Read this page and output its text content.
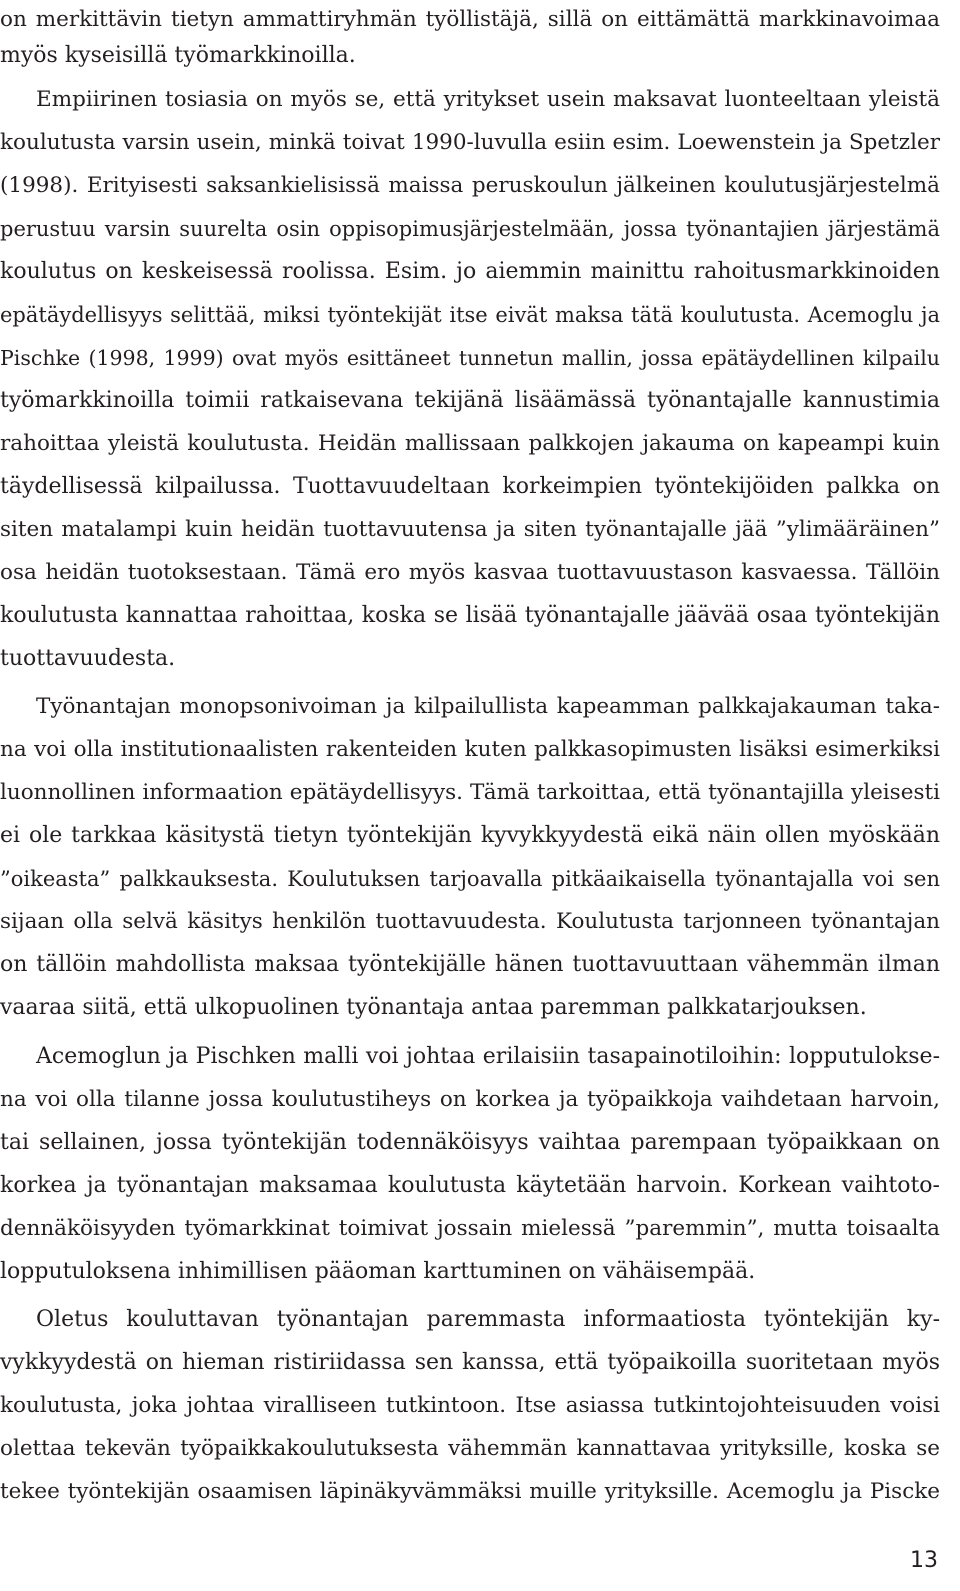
on merkittävin tietyn ammattiryhmän työllistäjä, sillä on eittämättä markkinavoimaa
myös kyseisillä työmarkkinoilla.
Empiirinen tosiasia on myös se, että yritykset usein maksavat luonteeltaan yleistä
koulutusta varsin usein, minkä toivat 1990-luvulla esiin esim. Loewenstein ja Spetzler
(1998). Erityisesti saksankielisissä maissa peruskoulun jälkeinen koulutusjärjestelmä
perustuu varsin suurelta osin oppisopimusjärjestelmään, jossa työnantajien järjestämä
koulutus on keskeisessä roolissa. Esim. jo aiemmin mainittu rahoitusmarkkinoiden
epätäydellisyys selittää, miksi työntekijät itse eivät maksa tätä koulutusta. Acemoglu ja
Pischke (1998, 1999) ovat myös esittäneet tunnetun mallin, jossa epätäydellinen kilpailu
työmarkkinoilla toimii ratkaisevana tekijänä lisäämässä työnantajalle kannustimia
rahoittaa yleistä koulutusta. Heidän mallissaan palkkojen jakauma on kapeampi kuin
täydellisessä kilpailussa. Tuottavuudeltaan korkeimpien työntekijöiden palkka on
siten matalampi kuin heidän tuottavuutensa ja siten työnantajalle jää ”ylimääräinen”
osa heidän tuotoksestaan. Tämä ero myös kasvaa tuottavuustason kasvaessa. Tällöin
koulutusta kannattaa rahoittaa, koska se lisää työnantajalle jäävää osaa työntekijän
tuottavuudesta.
Työnantajan monopsonivoiman ja kilpailullista kapeamman palkkajakauman taka-
na voi olla institutionaalisten rakenteiden kuten palkkasopimusten lisäksi esimerkiksi
luonnollinen informaation epätäydellisyys. Tämä tarkoittaa, että työnantajilla yleisesti
ei ole tarkkaa käsitystä tietyn työntekijän kyvykkyydestä eikä näin ollen myöskään
”oikeasta” palkkauksesta. Koulutuksen tarjoavalla pitkäaikaisella työnantajalla voi sen
sijaan olla selvä käsitys henkilön tuottavuudesta. Koulutusta tarjonneen työnantajan
on tällöin mahdollista maksaa työntekijälle hänen tuottavuuttaan vähemmän ilman
vaaraa siitä, että ulkopuolinen työnantaja antaa paremman palkkatarjouksen.
Acemoglun ja Pischken malli voi johtaa erilaisiin tasapainotiloihin: lopputulokse-
na voi olla tilanne jossa koulutustiheys on korkea ja työpaikkoja vaihdetaan harvoin,
tai sellainen, jossa työntekijän todennäköisyys vaihtaa parempaan työpaikkaan on
korkea ja työnantajan maksamaa koulutusta käytetään harvoin. Korkean vaihtoto-
dennäköisyyden työmarkkinat toimivat jossain mielessä ”paremmin”, mutta toisaalta
lopputuloksena inhimillisen pääoman karttuminen on vähäisempää.
Oletus kouluttavan työnantajan paremmasta informaatiosta työntekijän ky-
vykkyydestä on hieman ristiriidassa sen kanssa, että työpaikoilla suoritetaan myös
koulutusta, joka johtaa viralliseen tutkintoon. Itse asiassa tutkintojohteisuuden voisi
olettaa tekevän työpaikkakoulutuksesta vähemmän kannattavaa yrityksille, koska se
tekee työntekijän osaamisen läpinäkyvämmäksi muille yrityksille. Acemoglu ja Piscke
13
